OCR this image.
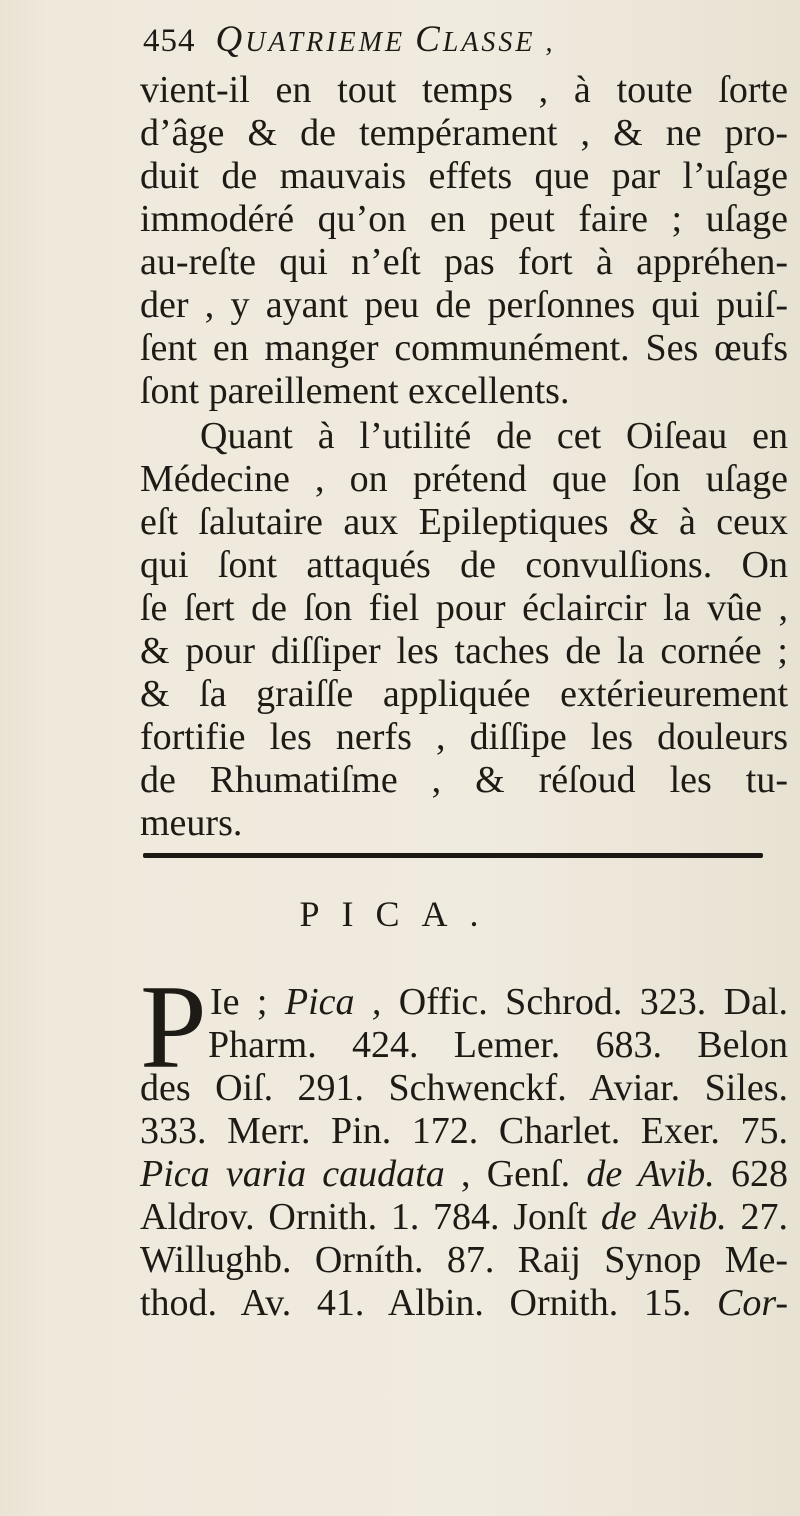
454 QUATRIEME CLASSE ,
vient-il en tout temps , à toute ſorte
d’âge & de tempérament , & ne pro-
duit de mauvais effets que par l’uſage
immodéré qu’on en peut faire ; uſage
au-reſte qui n’eſt pas fort à appréhen-
der , y ayant peu de perſonnes qui puiſ-
ſent en manger communément. Ses œufs
ſont pareillement excellents.
Quant à l’utilité de cet Oiſeau en
Médecine , on prétend que ſon uſage
eſt ſalutaire aux Epileptiques & à ceux
qui ſont attaqués de convulſions. On
ſe ſert de ſon fiel pour éclaircir la vûe ,
& pour diſſiper les taches de la cornée ;
& ſa graiſſe appliquée extérieurement
fortifie les nerfs , diſſipe les douleurs
de Rhumatiſme , & réſoud les tu-
meurs.
PICA.
P Ie ; Pica , Offic. Schrod. 323. Dal.
Pharm. 424. Lemer. 683. Belon
des Oiſ. 291. Schwenckf. Aviar. Siles.
333. Merr. Pin. 172. Charlet. Exer. 75.
Pica varia caudata , Genſ. de Avib. 628
Aldrov. Ornith. 1. 784. Jonſt de Avib. 27.
Willughb. Orníth. 87. Raij Synop Me-
thod. Av. 41. Albin. Ornith. 15. Cor-
